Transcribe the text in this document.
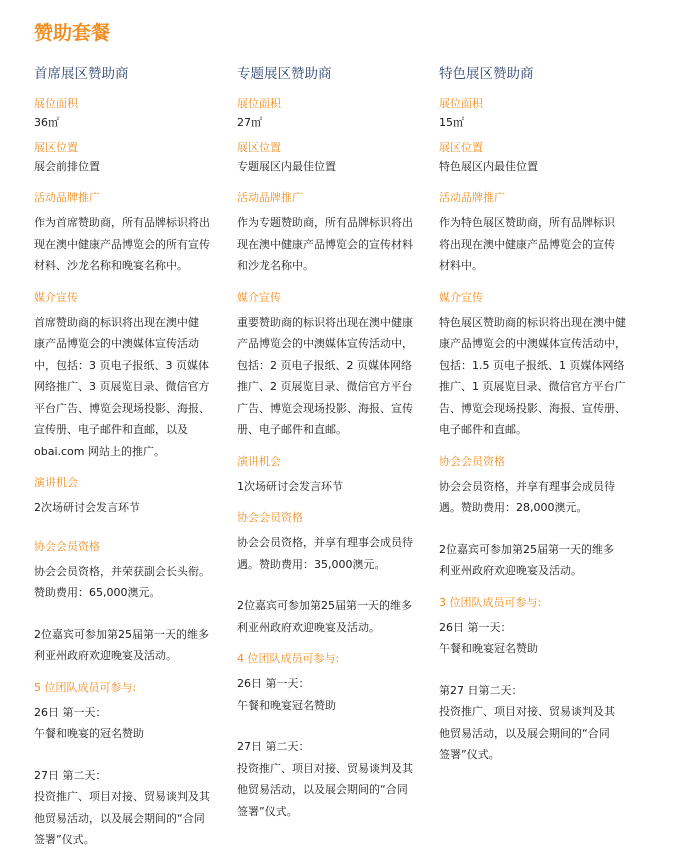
赞助套餐
首席展区赞助商

展位面积

36㎡

展区位置

展会前排位置

活动品牌推广

作为首席赞助商，所有品牌标识将出
现在澳中健康产品博览会的所有宣传
材料、沙龙名称和晚宴名称中。

媒介宣传

首席赞助商的标识将出现在澳中健
康产品博览会的中澳媒体宣传活动
中，包括：3 页电子报纸、3 页媒体
网络推广、3 页展览目录、微信官方
平台广告、博览会现场投影、海报、
宣传册、电子邮件和直邮，以及
obai.com 网站上的推广。

演讲机会

2次场研讨会发言环节

协会会员资格

协会会员资格，并荣获副会长头衔。
赞助费用：65,000澳元。

2位嘉宾可参加第25届第一天的维多
利亚州政府欢迎晚宴及活动。

5 位团队成员可参与:

26日 第一天：
午餐和晚宴的冠名赞助

27日 第二天：
投资推广、项目对接、贸易谈判及其
他贸易活动，以及展会期间的“合同
签署”仪式。

专题展区赞助商

展位面积

27㎡

展区位置

专题展区内最佳位置

活动品牌推广

作为专题赞助商，所有品牌标识将出
现在澳中健康产品博览会的宣传材料
和沙龙名称中。

媒介宣传

重要赞助商的标识将出现在澳中健康
产品博览会的中澳媒体宣传活动中，
包括：2 页电子报纸、2 页媒体网络
推广、2 页展览目录、微信官方平台
广告、博览会现场投影、海报、宣传
册、电子邮件和直邮。

演讲机会

1次场研讨会发言环节

协会会员资格

协会会员资格，并享有理事会成员待
遇。赞助费用：35,000澳元。

2位嘉宾可参加第25届第一天的维多
利亚州政府欢迎晚宴及活动。

4 位团队成员可参与:

26日 第一天：
午餐和晚宴冠名赞助

27日 第二天：
投资推广、项目对接、贸易谈判及其
他贸易活动，以及展会期间的“合同
签署”仪式。

特色展区赞助商

展位面积

15㎡

展区位置

特色展区内最佳位置

活动品牌推广

作为特色展区赞助商，所有品牌标识
将出现在澳中健康产品博览会的宣传
材料中。

媒介宣传

特色展区赞助商的标识将出现在澳中健
康产品博览会的中澳媒体宣传活动中，
包括：1.5 页电子报纸、1 页媒体网络
推广、1 页展览目录、微信官方平台广
告、博览会现场投影、海报、宣传册、
电子邮件和直邮。

协会会员资格

协会会员资格，并享有理事会成员待
遇。赞助费用：28,000澳元。

2位嘉宾可参加第25届第一天的维多
利亚州政府欢迎晚宴及活动。

3 位团队成员可参与:

26日 第一天：
午餐和晚宴冠名赞助

第27 日第二天：
投资推广、项目对接、贸易谈判及其
他贸易活动，以及展会期间的“合同
签署”仪式。
